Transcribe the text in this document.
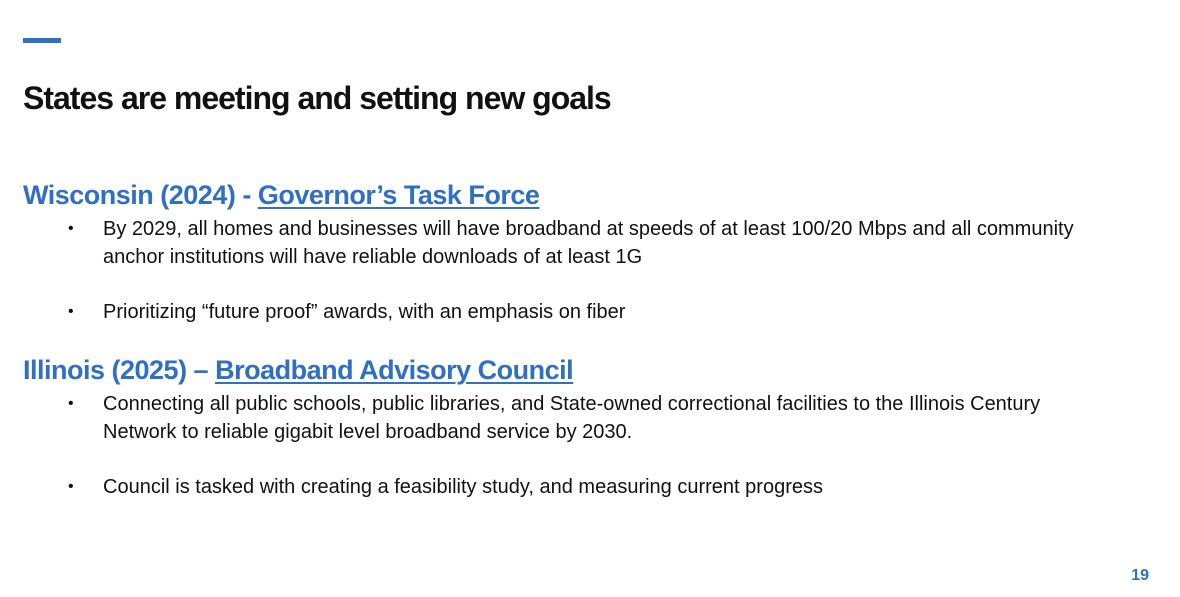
States are meeting and setting new goals
Wisconsin (2024) - Governor’s Task Force
• By 2029, all homes and businesses will have broadband at speeds of at least 100/20 Mbps and all community anchor institutions will have reliable downloads of at least 1G
• Prioritizing “future proof” awards, with an emphasis on fiber
Illinois (2025) – Broadband Advisory Council
• Connecting all public schools, public libraries, and State-owned correctional facilities to the Illinois Century Network to reliable gigabit level broadband service by 2030.
• Council is tasked with creating a feasibility study, and measuring current progress
19
